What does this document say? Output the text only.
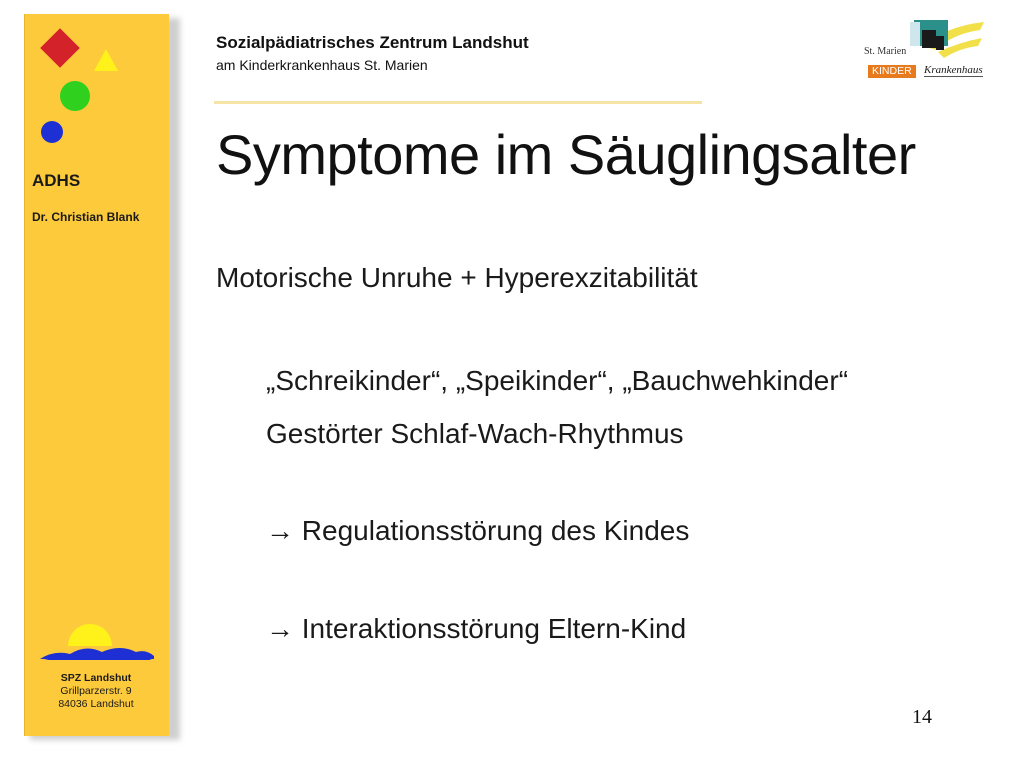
ADHS
Dr. Christian Blank
SPZ Landshut
Grillparzerstr. 9
84036 Landshut
Sozialpädiatrisches Zentrum Landshut
am Kinderkrankenhaus St. Marien
St. Marien
KINDER	Krankenhaus
Symptome im Säuglingsalter
Motorische Unruhe + Hyperexzitabilität
„Schreikinder“, „Speikinder“, „Bauchwehkinder“
Gestörter Schlaf-Wach-Rhythmus
→ Regulationsstörung des Kindes
→ Interaktionsstörung Eltern-Kind
14
